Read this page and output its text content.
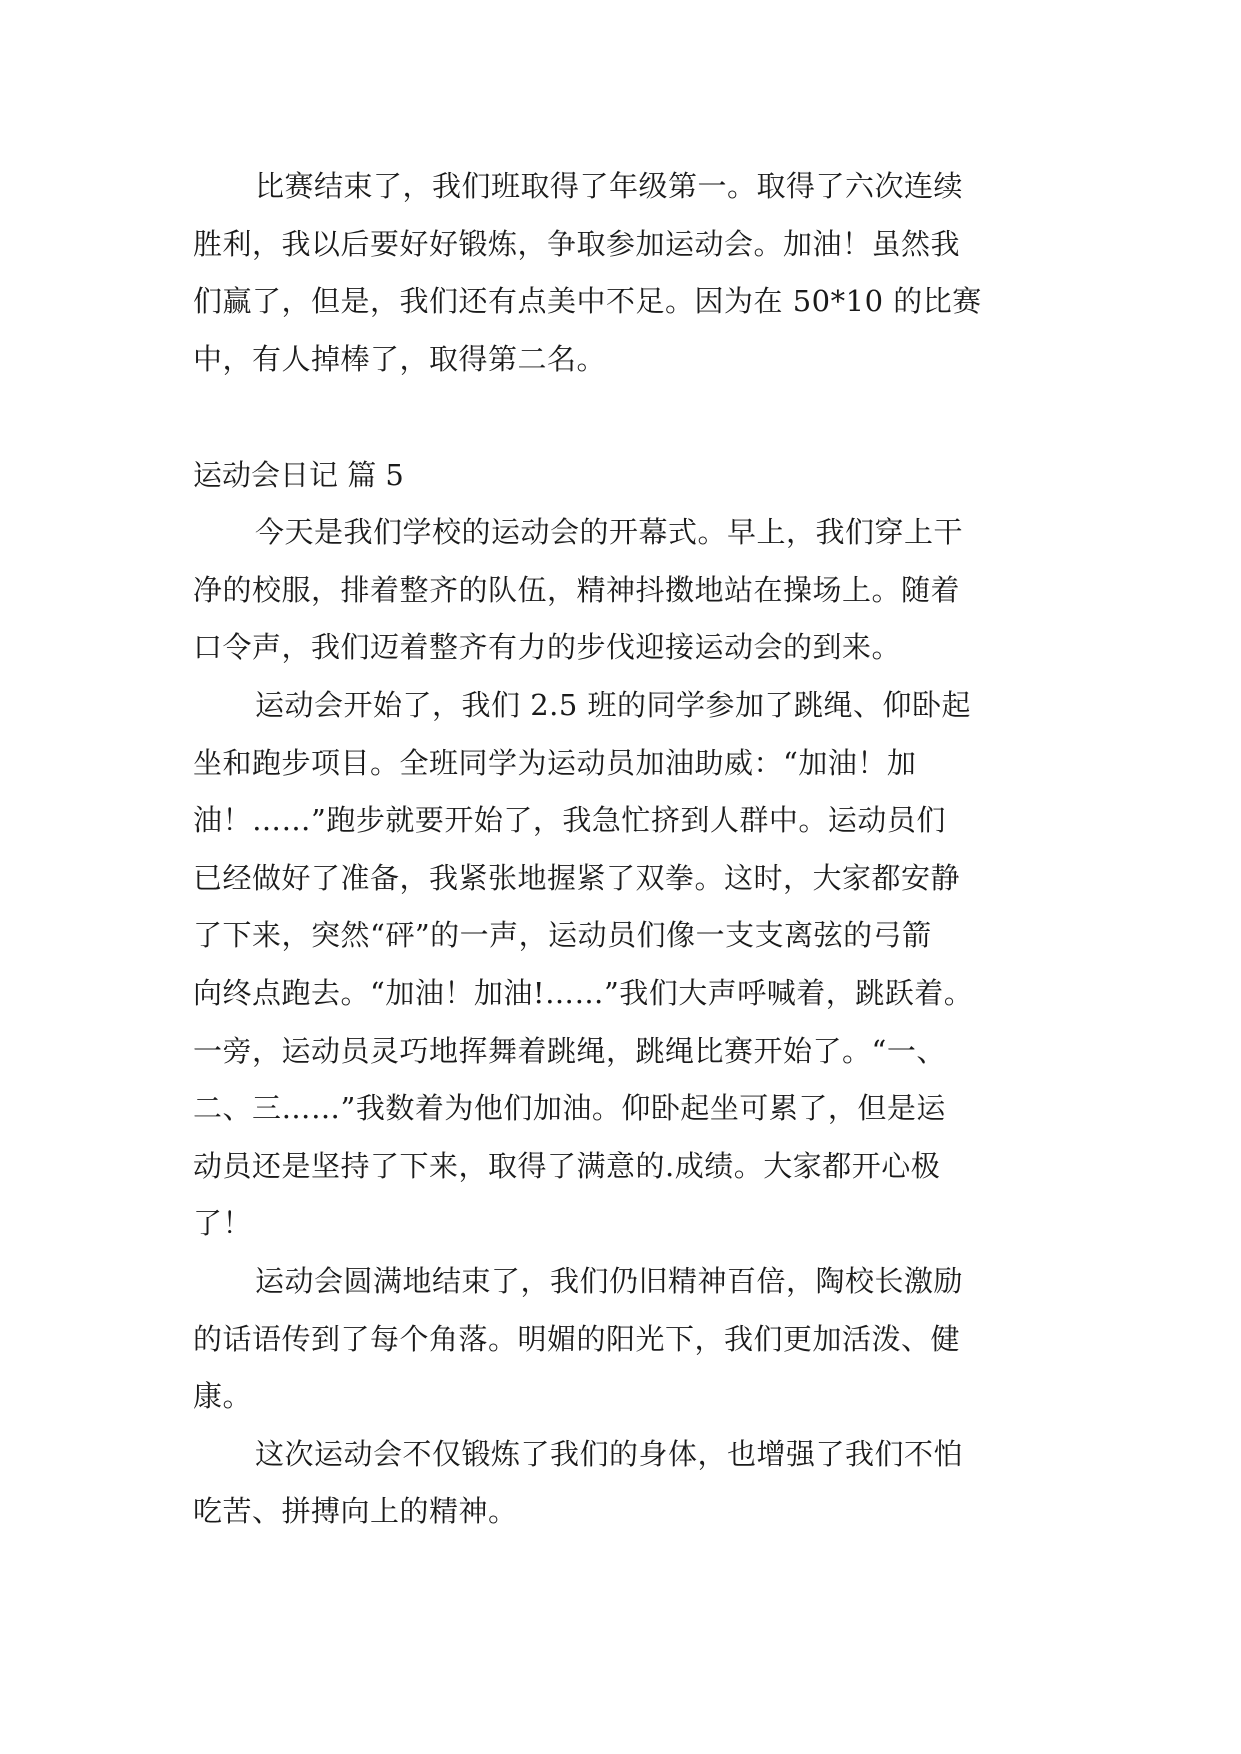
比赛结束了，我们班取得了年级第一。取得了六次连续
胜利，我以后要好好锻炼，争取参加运动会。加油！虽然我
们赢了，但是，我们还有点美中不足。因为在 50*10 的比赛
中，有人掉棒了，取得第二名。
运动会日记 篇 5
今天是我们学校的运动会的开幕式。早上，我们穿上干
净的校服，排着整齐的队伍，精神抖擞地站在操场上。随着
口令声，我们迈着整齐有力的步伐迎接运动会的到来。
运动会开始了，我们 2.5 班的同学参加了跳绳、仰卧起
坐和跑步项目。全班同学为运动员加油助威：“加油！加
油！……”跑步就要开始了，我急忙挤到人群中。运动员们
已经做好了准备，我紧张地握紧了双拳。这时，大家都安静
了下来，突然“砰”的一声，运动员们像一支支离弦的弓箭
向终点跑去。“加油！加油!……”我们大声呼喊着，跳跃着。
一旁，运动员灵巧地挥舞着跳绳，跳绳比赛开始了。“一、
二、三……”我数着为他们加油。仰卧起坐可累了，但是运
动员还是坚持了下来，取得了满意的.成绩。大家都开心极
了！
运动会圆满地结束了，我们仍旧精神百倍，陶校长激励
的话语传到了每个角落。明媚的阳光下，我们更加活泼、健
康。
这次运动会不仅锻炼了我们的身体，也增强了我们不怕
吃苦、拼搏向上的精神。
